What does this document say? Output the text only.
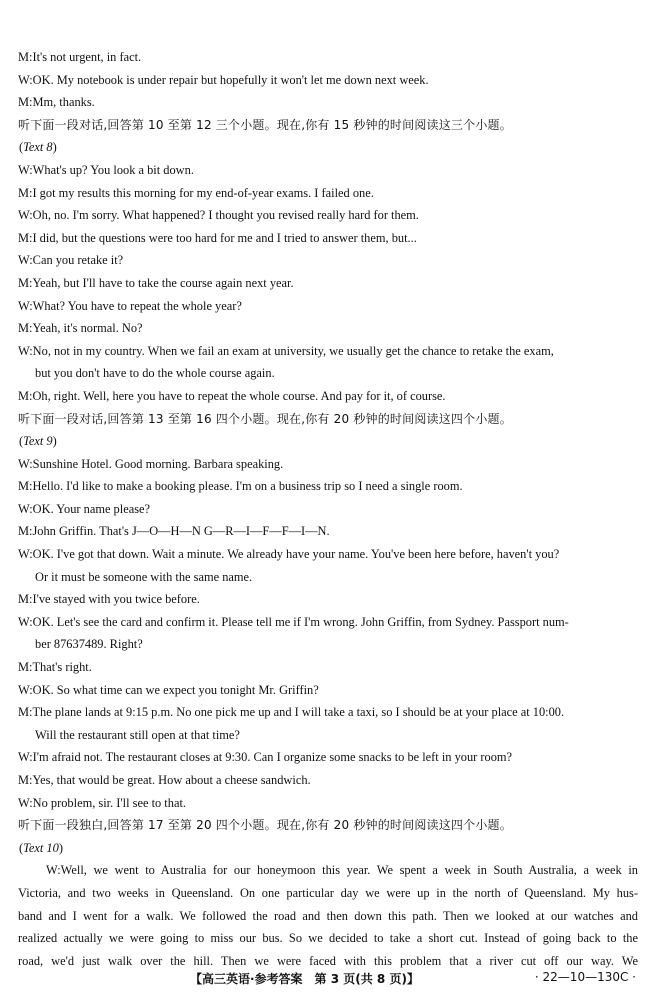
M:It's not urgent, in fact.
W:OK. My notebook is under repair but hopefully it won't let me down next week.
M:Mm, thanks.
听下面一段对话,回答第 10 至第 12 三个小题。现在,你有 15 秒钟的时间阅读这三个小题。
(Text 8)
W:What's up? You look a bit down.
M:I got my results this morning for my end-of-year exams. I failed one.
W:Oh, no. I'm sorry. What happened? I thought you revised really hard for them.
M:I did, but the questions were too hard for me and I tried to answer them, but...
W:Can you retake it?
M:Yeah, but I'll have to take the course again next year.
W:What? You have to repeat the whole year?
M:Yeah, it's normal. No?
W:No, not in my country. When we fail an exam at university, we usually get the chance to retake the exam,
but you don't have to do the whole course again.
M:Oh, right. Well, here you have to repeat the whole course. And pay for it, of course.
听下面一段对话,回答第 13 至第 16 四个小题。现在,你有 20 秒钟的时间阅读这四个小题。
(Text 9)
W:Sunshine Hotel. Good morning. Barbara speaking.
M:Hello. I'd like to make a booking please. I'm on a business trip so I need a single room.
W:OK. Your name please?
M:John Griffin. That's J—O—H—N G—R—I—F—F—I—N.
W:OK. I've got that down. Wait a minute. We already have your name. You've been here before, haven't you?
Or it must be someone with the same name.
M:I've stayed with you twice before.
W:OK. Let's see the card and confirm it. Please tell me if I'm wrong. John Griffin, from Sydney. Passport num-
ber 87637489. Right?
M:That's right.
W:OK. So what time can we expect you tonight Mr. Griffin?
M:The plane lands at 9:15 p.m. No one pick me up and I will take a taxi, so I should be at your place at 10:00.
Will the restaurant still open at that time?
W:I'm afraid not. The restaurant closes at 9:30. Can I organize some snacks to be left in your room?
M:Yes, that would be great. How about a cheese sandwich.
W:No problem, sir. I'll see to that.
听下面一段独白,回答第 17 至第 20 四个小题。现在,你有 20 秒钟的时间阅读这四个小题。
(Text 10)
W:Well, we went to Australia for our honeymoon this year. We spent a week in South Australia, a week in
Victoria, and two weeks in Queensland. On one particular day we were up in the north of Queensland. My hus-
band and I went for a walk. We followed the road and then down this path. Then we looked at our watches and
realized actually we were going to miss our bus. So we decided to take a short cut. Instead of going back to the
road, we'd just walk over the hill. Then we were faced with this problem that a river cut off our way. We
【高三英语·参考答案　第 3 页(共 8 页)】	· 22—10—130C ·
